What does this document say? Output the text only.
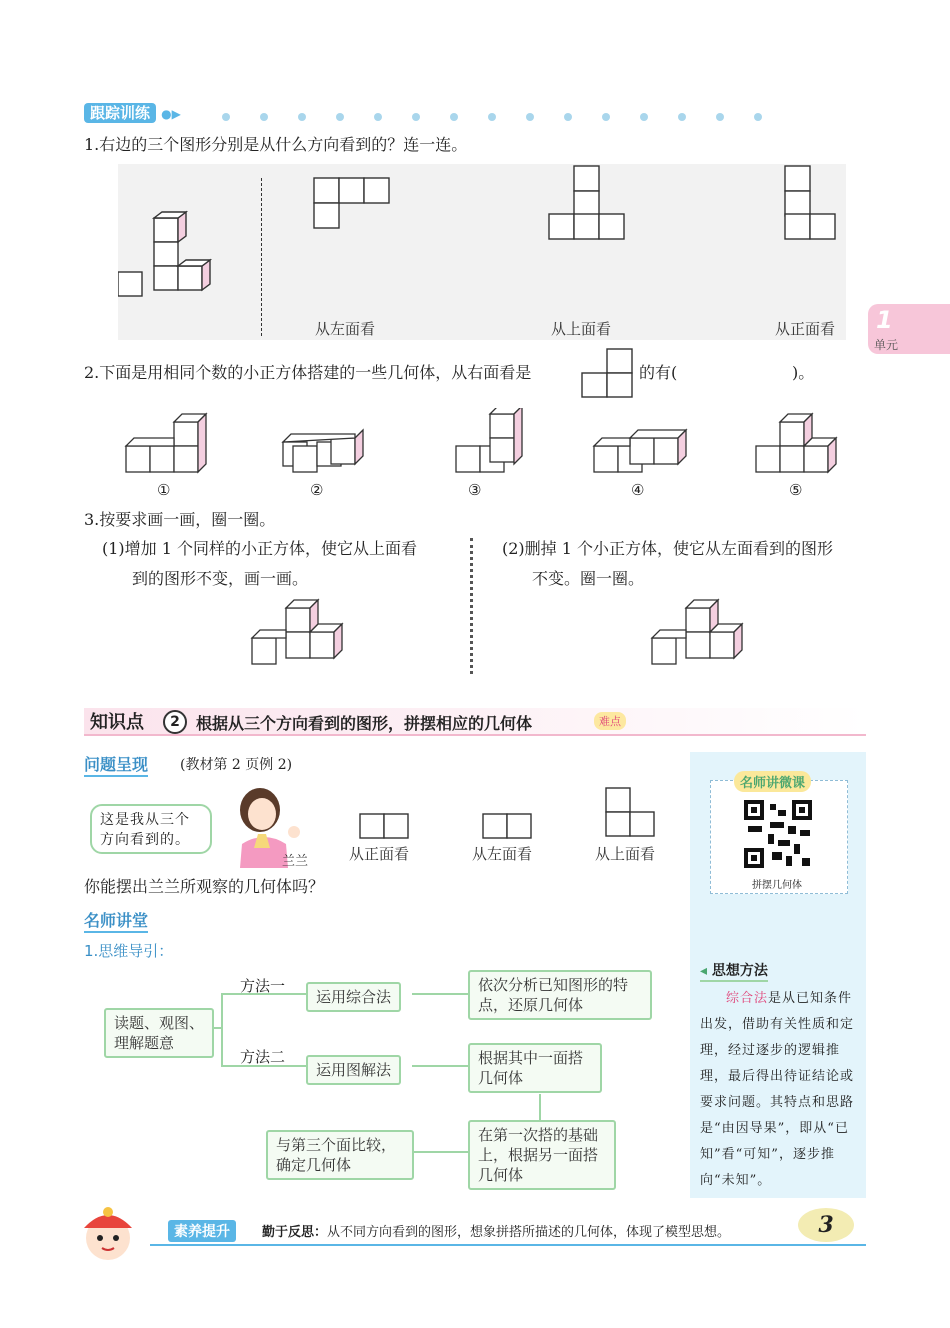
跟踪训练 ●▶
1.右边的三个图形分别是从什么方向看到的？连一连。
从左面看	从上面看	从正面看 1
单元
2.下面是用相同个数的小正方体搭建的一些几何体，从右面看是	的有(	)。
①	②	③	④	⑤
3.按要求画一画，圈一圈。
(1)增加 1 个同样的小正方体，使它从上面看
到的图形不变，画一画。
(2)删掉 1 个小正方体，使它从左面看到的图形
不变。圈一圈。
知识点	2	根据从三个方向看到的图形，拼摆相应的几何体	难点
问题呈现 (教材第 2 页例 2)
这是我从三个
方向看到的。
兰兰	从正面看	从左面看	从上面看
你能摆出兰兰所观察的几何体吗？
名师讲堂
1.思维导引：
读题、观图、理解题意
方法一
方法二
运用综合法
运用图解法
依次分析已知图形的特点，还原几何体
根据其中一面搭几何体
在第一次搭的基础上，根据另一面搭几何体
与第三个面比较，确定几何体
名师讲微课
拼摆几何体
◂ 思想方法
综合法是从已知条件出发，借助有关性质和定理，经过逐步的逻辑推理，最后得出待证结论或要求问题。其特点和思路是“由因导果”，即从“已知”看“可知”，逐步推向“未知”。
素养提升	勤于反思：从不同方向看到的图形，想象拼搭所描述的几何体，体现了模型思想。	3
